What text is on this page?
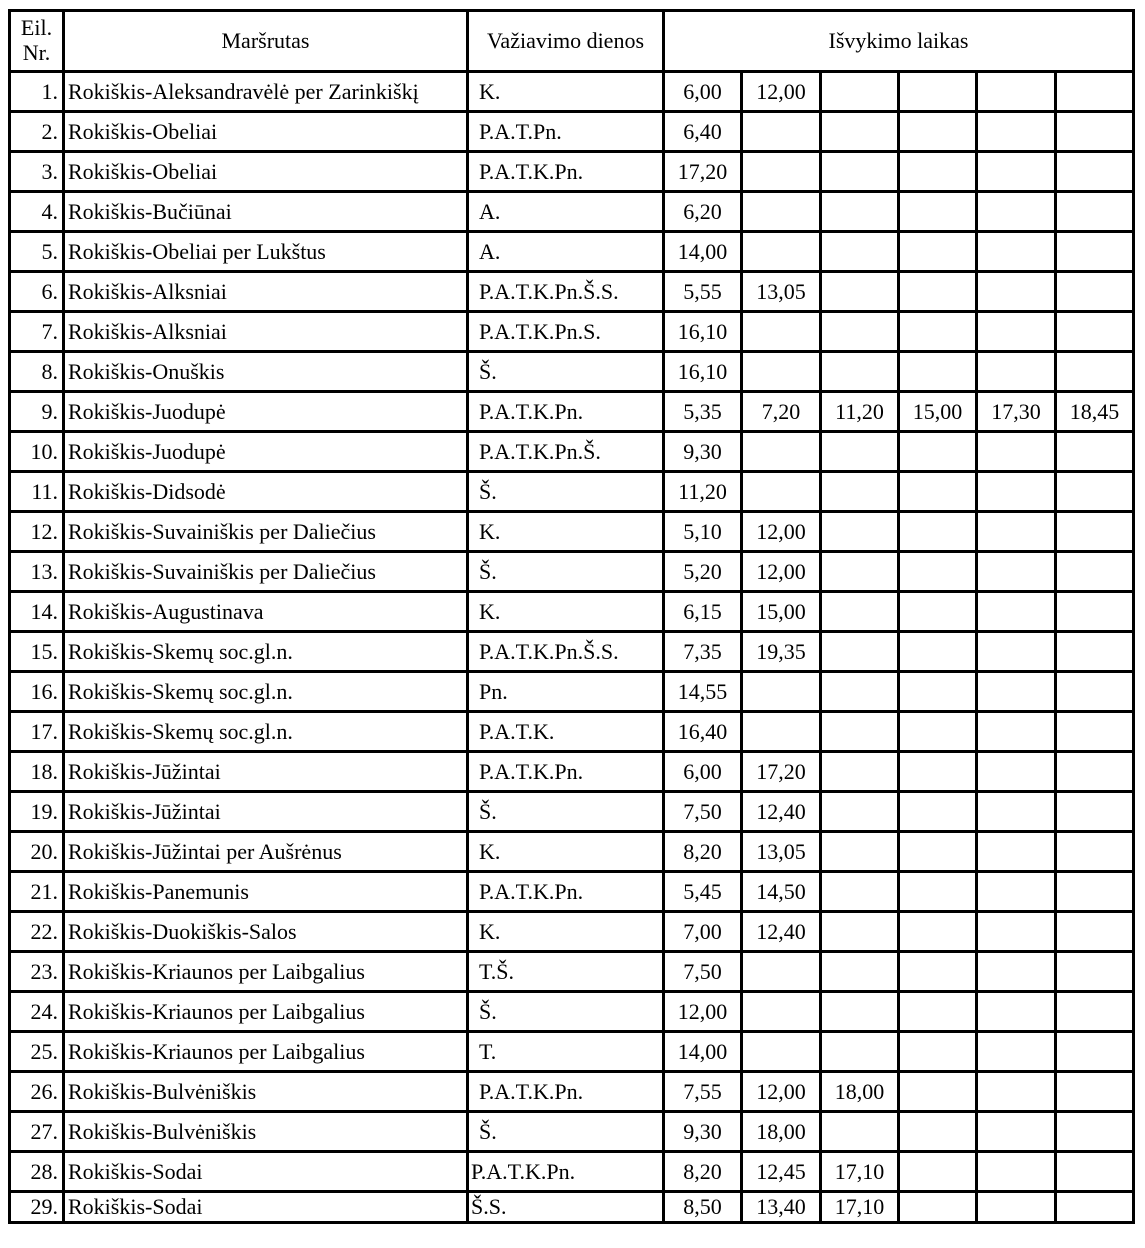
Eil.
Nr.	Maršrutas	Važiavimo dienos	Išvykimo laikas					
1.	Rokiškis-Aleksandravėlė per Zarinkiškį	K.	6,00	12,00				
2.	Rokiškis-Obeliai	P.A.T.Pn.	6,40					
3.	Rokiškis-Obeliai	P.A.T.K.Pn.	17,20					
4.	Rokiškis-Bučiūnai	A.	6,20					
5.	Rokiškis-Obeliai per Lukštus	A.	14,00					
6.	Rokiškis-Alksniai	P.A.T.K.Pn.Š.S.	5,55	13,05				
7.	Rokiškis-Alksniai	P.A.T.K.Pn.S.	16,10					
8.	Rokiškis-Onuškis	Š.	16,10					
9.	Rokiškis-Juodupė	P.A.T.K.Pn.	5,35	7,20	11,20	15,00	17,30	18,45
10.	Rokiškis-Juodupė	P.A.T.K.Pn.Š.	9,30					
11.	Rokiškis-Didsodė	Š.	11,20					
12.	Rokiškis-Suvainiškis per Daliečius	K.	5,10	12,00				
13.	Rokiškis-Suvainiškis per Daliečius	Š.	5,20	12,00				
14.	Rokiškis-Augustinava	K.	6,15	15,00				
15.	Rokiškis-Skemų soc.gl.n.	P.A.T.K.Pn.Š.S.	7,35	19,35				
16.	Rokiškis-Skemų soc.gl.n.	Pn.	14,55					
17.	Rokiškis-Skemų soc.gl.n.	P.A.T.K.	16,40					
18.	Rokiškis-Jūžintai	P.A.T.K.Pn.	6,00	17,20				
19.	Rokiškis-Jūžintai	Š.	7,50	12,40				
20.	Rokiškis-Jūžintai per Aušrėnus	K.	8,20	13,05				
21.	Rokiškis-Panemunis	P.A.T.K.Pn.	5,45	14,50				
22.	Rokiškis-Duokiškis-Salos	K.	7,00	12,40				
23.	Rokiškis-Kriaunos per Laibgalius	T.Š.	7,50					
24.	Rokiškis-Kriaunos per Laibgalius	Š.	12,00					
25.	Rokiškis-Kriaunos per Laibgalius	T.	14,00					
26.	Rokiškis-Bulvėniškis	P.A.T.K.Pn.	7,55	12,00	18,00			
27.	Rokiškis-Bulvėniškis	Š.	9,30	18,00				
28.	Rokiškis-Sodai	P.A.T.K.Pn.	8,20	12,45	17,10			
29.	Rokiškis-Sodai	Š.S.	8,50	13,40	17,10			
